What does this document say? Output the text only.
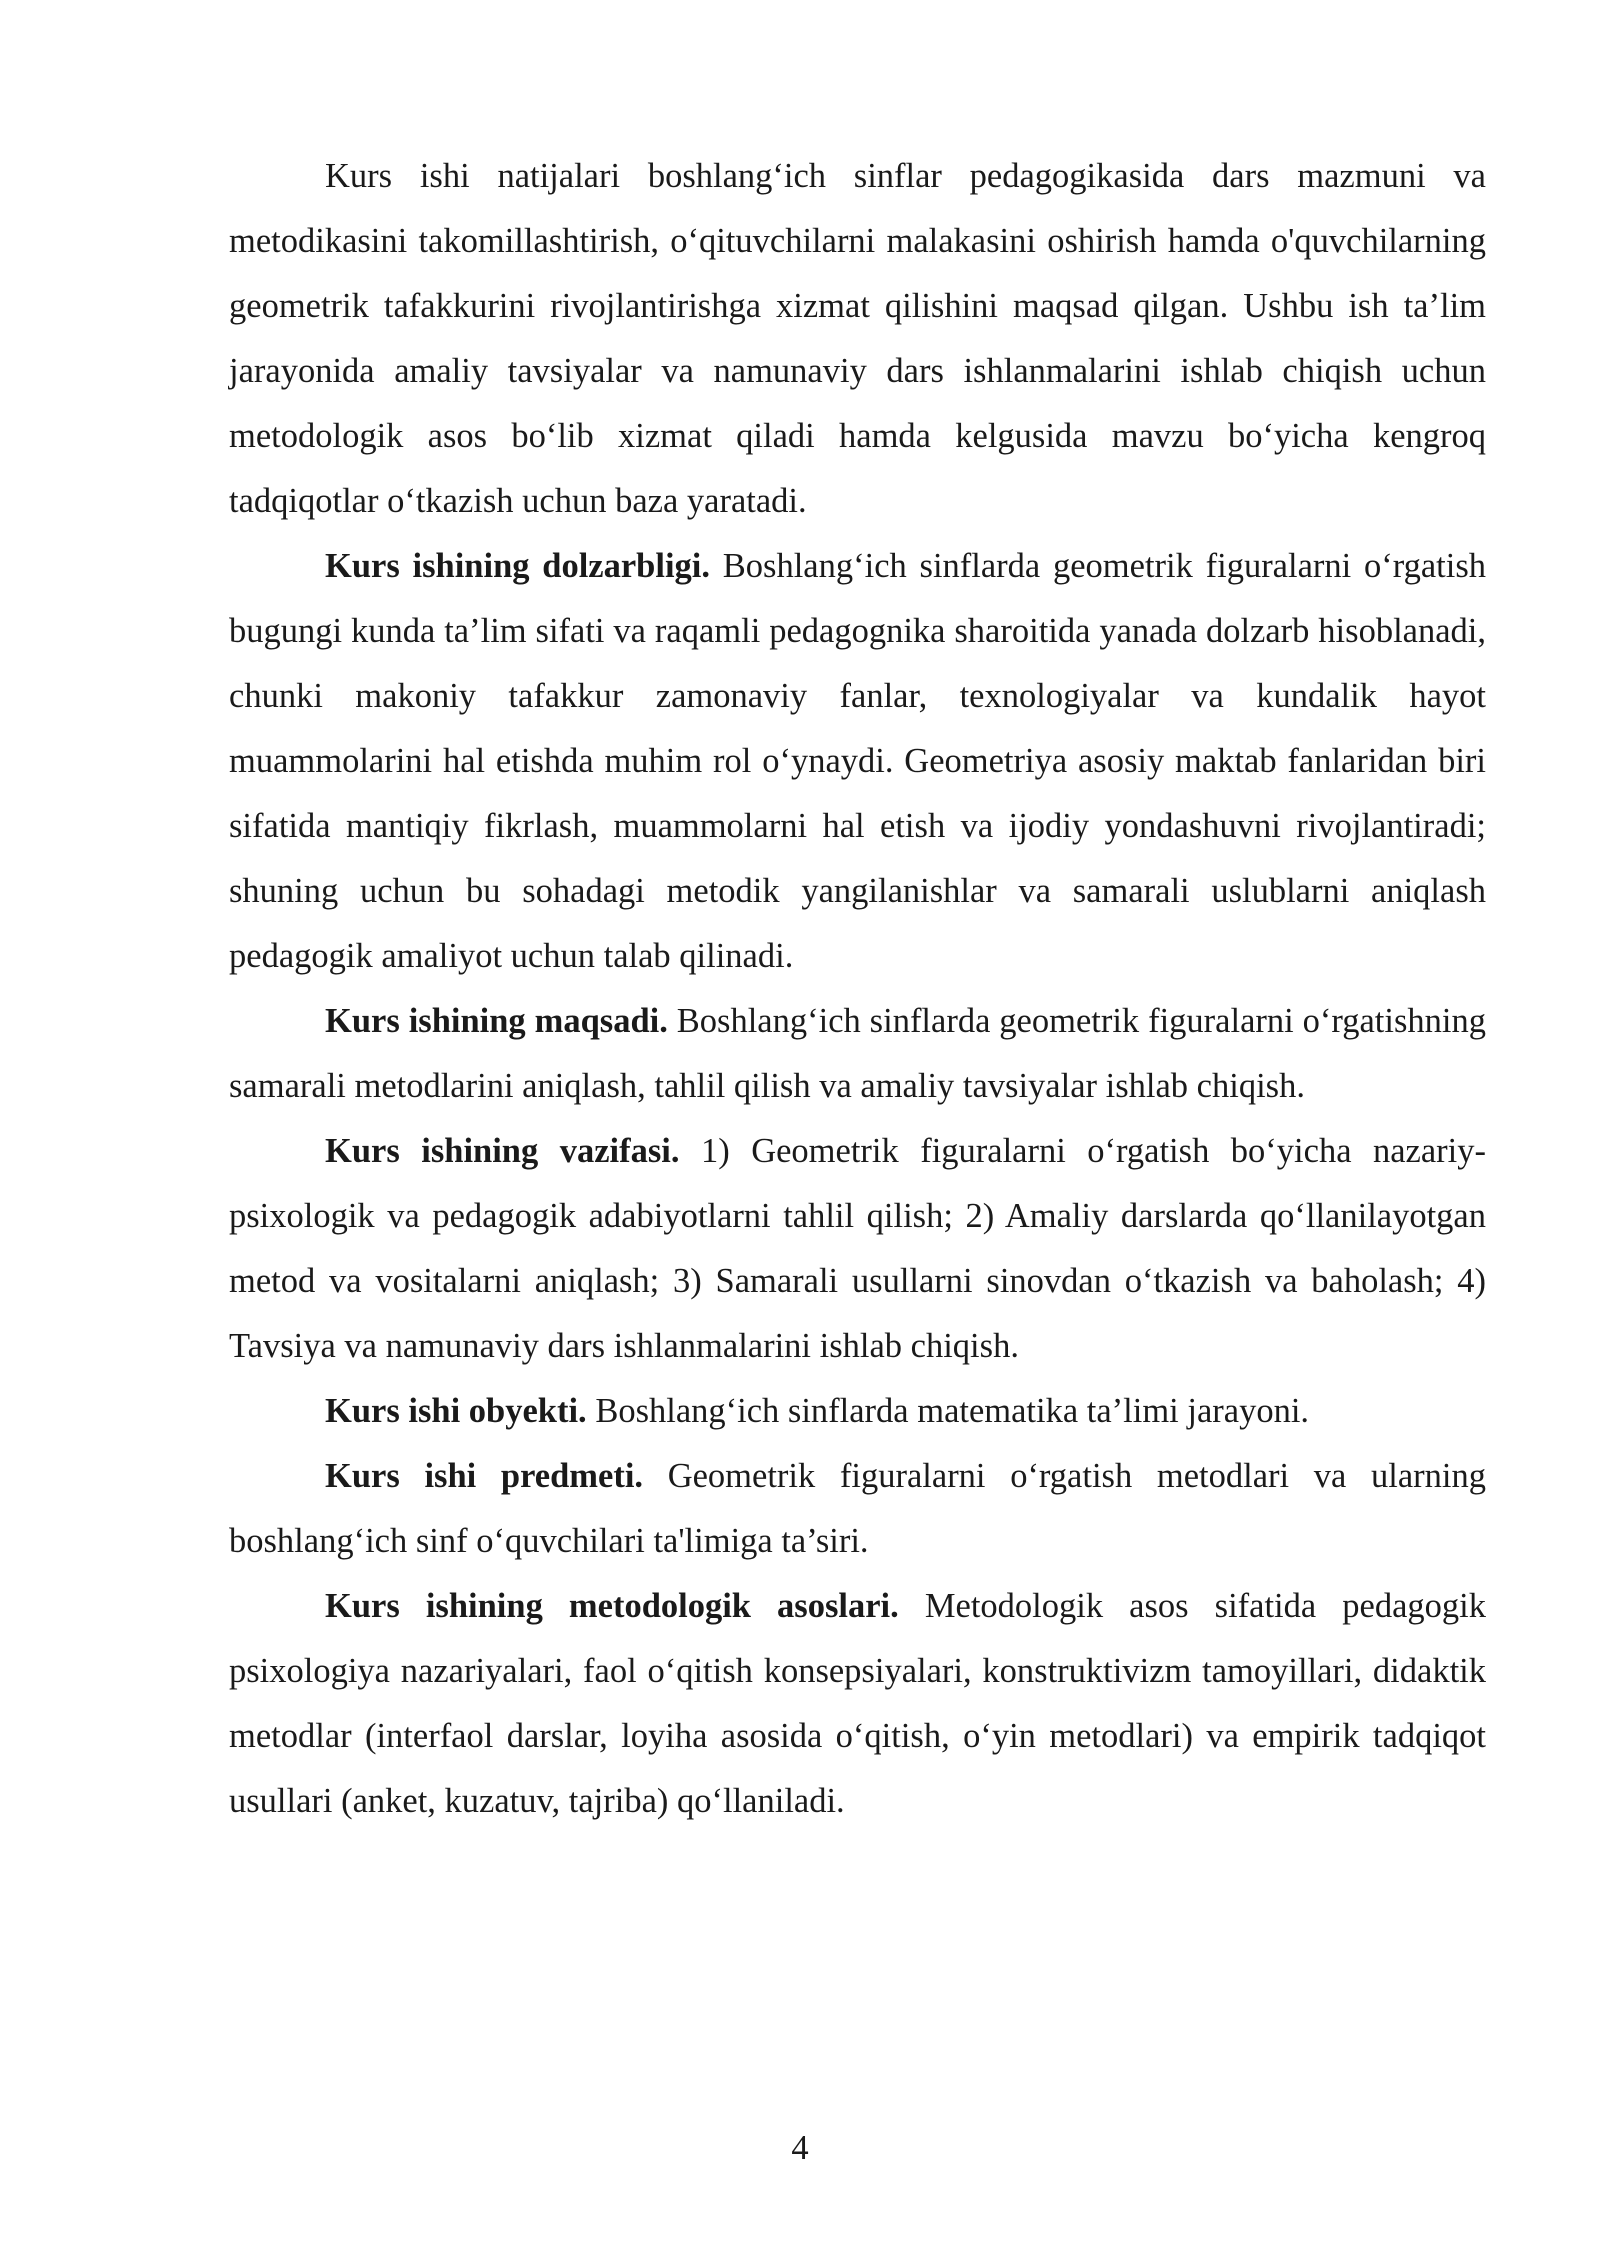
Kurs ishi natijalari boshlang‘ich sinflar pedagogikasida dars mazmuni va metodikasini takomillashtirish, o‘qituvchilarni malakasini oshirish hamda o'quvchilarning geometrik tafakkurini rivojlantirishga xizmat qilishini maqsad qilgan. Ushbu ish ta’lim jarayonida amaliy tavsiyalar va namunaviy dars ishlanmalarini ishlab chiqish uchun metodologik asos bo‘lib xizmat qiladi hamda kelgusida mavzu bo‘yicha kengroq tadqiqotlar o‘tkazish uchun baza yaratadi.

Kurs ishining dolzarbligi. Boshlang‘ich sinflarda geometrik figuralarni o‘rgatish bugungi kunda ta’lim sifati va raqamli pedagognika sharoitida yanada dolzarb hisoblanadi, chunki makoniy tafakkur zamonaviy fanlar, texnologiyalar va kundalik hayot muammolarini hal etishda muhim rol o‘ynaydi. Geometriya asosiy maktab fanlaridan biri sifatida mantiqiy fikrlash, muammolarni hal etish va ijodiy yondashuvni rivojlantiradi; shuning uchun bu sohadagi metodik yangilanishlar va samarali uslublarni aniqlash pedagogik amaliyot uchun talab qilinadi.

Kurs ishining maqsadi. Boshlang‘ich sinflarda geometrik figuralarni o‘rgatishning samarali metodlarini aniqlash, tahlil qilish va amaliy tavsiyalar ishlab chiqish.

Kurs ishining vazifasi. 1) Geometrik figuralarni o‘rgatish bo‘yicha nazariy-psixologik va pedagogik adabiyotlarni tahlil qilish; 2) Amaliy darslarda qo‘llanilayotgan metod va vositalarni aniqlash; 3) Samarali usullarni sinovdan o‘tkazish va baholash; 4) Tavsiya va namunaviy dars ishlanmalarini ishlab chiqish.

Kurs ishi obyekti. Boshlang‘ich sinflarda matematika ta’limi jarayoni.

Kurs ishi predmeti. Geometrik figuralarni o‘rgatish metodlari va ularning boshlang‘ich sinf o‘quvchilari ta'limiga ta’siri.

Kurs ishining metodologik asoslari. Metodologik asos sifatida pedagogik psixologiya nazariyalari, faol o‘qitish konsepsiyalari, konstruktivizm tamoyillari, didaktik metodlar (interfaol darslar, loyiha asosida o‘qitish, o‘yin metodlari) va empirik tadqiqot usullari (anket, kuzatuv, tajriba) qo‘llaniladi.

4
